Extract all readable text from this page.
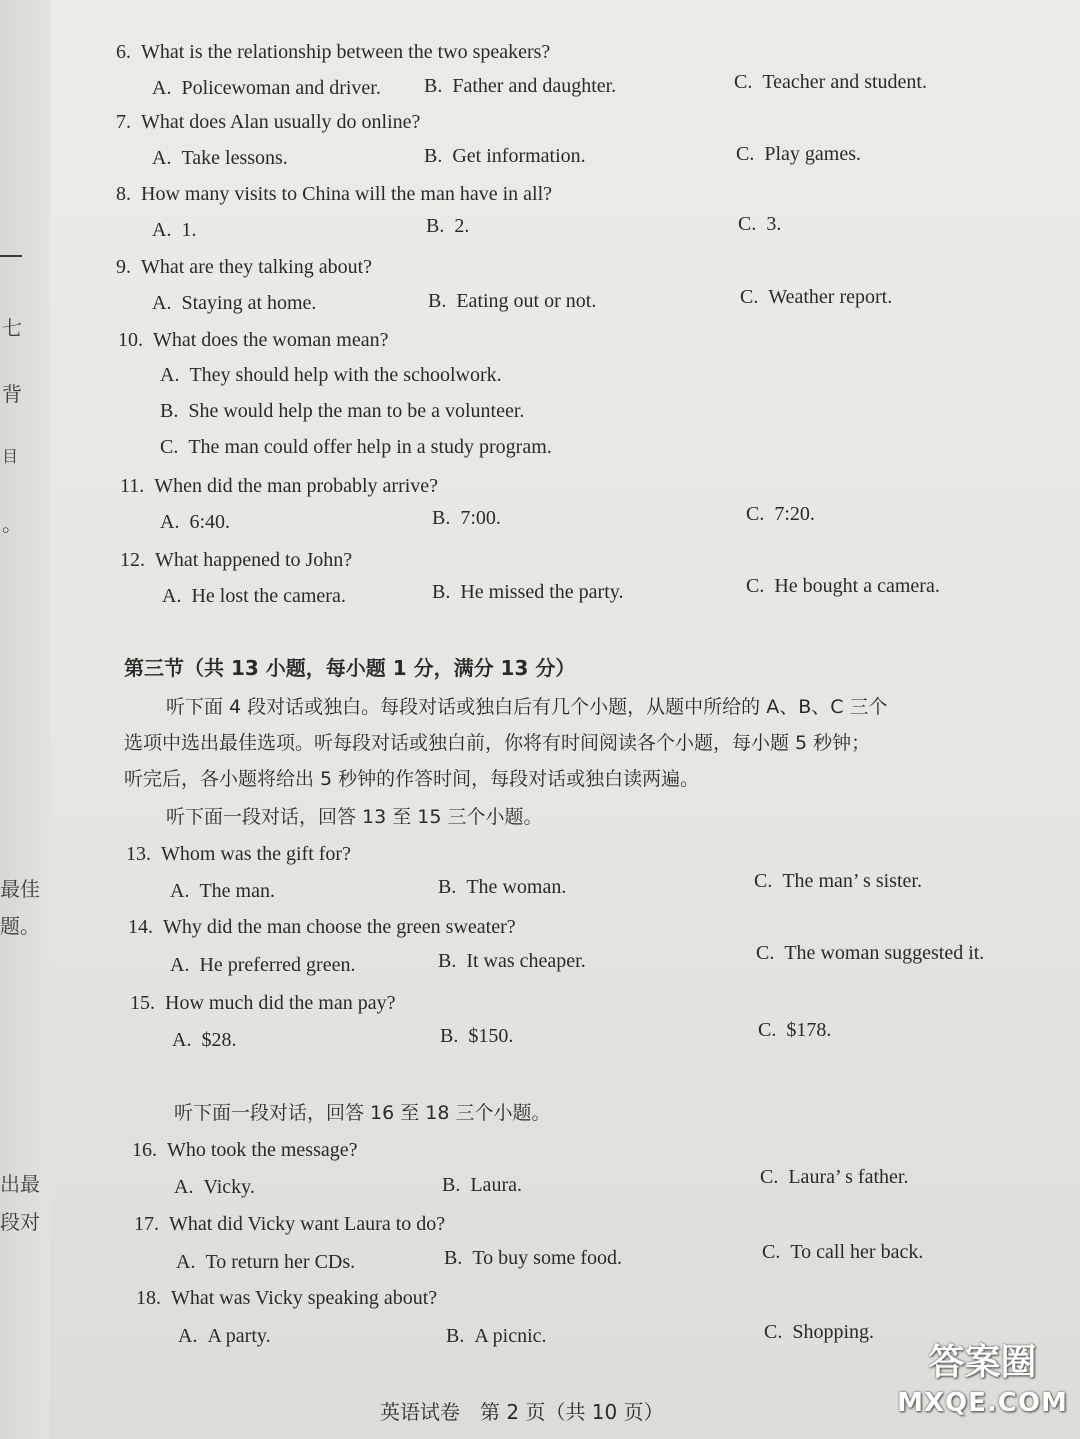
七
背
目
。
最佳
题。
出最
段对
6. What is the relationship between the two speakers?
A. Policewoman and driver. B. Father and daughter.	C. Teacher and student.
7. What does Alan usually do online?
A. Take lessons.	B. Get information.	C. Play games.
8. How many visits to China will the man have in all?
A. 1.	B. 2.	C. 3.
9. What are they talking about?
A. Staying at home.	B. Eating out or not.	C. Weather report.
10. What does the woman mean?
A. They should help with the schoolwork.
B. She would help the man to be a volunteer.
C. The man could offer help in a study program.
11. When did the man probably arrive?
A. 6:40.	B. 7:00.	C. 7:20.
12. What happened to John?
A. He lost the camera.	B. He missed the party.	C. He bought a camera.
第三节（共 13 小题，每小题 1 分，满分 13 分）
听下面 4 段对话或独白。每段对话或独白后有几个小题，从题中所给的 A、B、C 三个
选项中选出最佳选项。听每段对话或独白前，你将有时间阅读各个小题，每小题 5 秒钟；
听完后，各小题将给出 5 秒钟的作答时间，每段对话或独白读两遍。
听下面一段对话，回答 13 至 15 三个小题。
13. Whom was the gift for?
A. The man.	B. The woman.	C. The man’ s sister.
14. Why did the man choose the green sweater?
A. He preferred green.	B. It was cheaper.	C. The woman suggested it.
15. How much did the man pay?
A. $28.	B. $150.	C. $178.
听下面一段对话，回答 16 至 18 三个小题。
16. Who took the message?
A. Vicky.	B. Laura.	C. Laura’ s father.
17. What did Vicky want Laura to do?
A. To return her CDs.	B. To buy some food.	C. To call her back.
18. What was Vicky speaking about?
A. A party.	B. A picnic.	C. Shopping.
英语试卷　第 2 页（共 10 页）
答案圈
MXQE.COM
